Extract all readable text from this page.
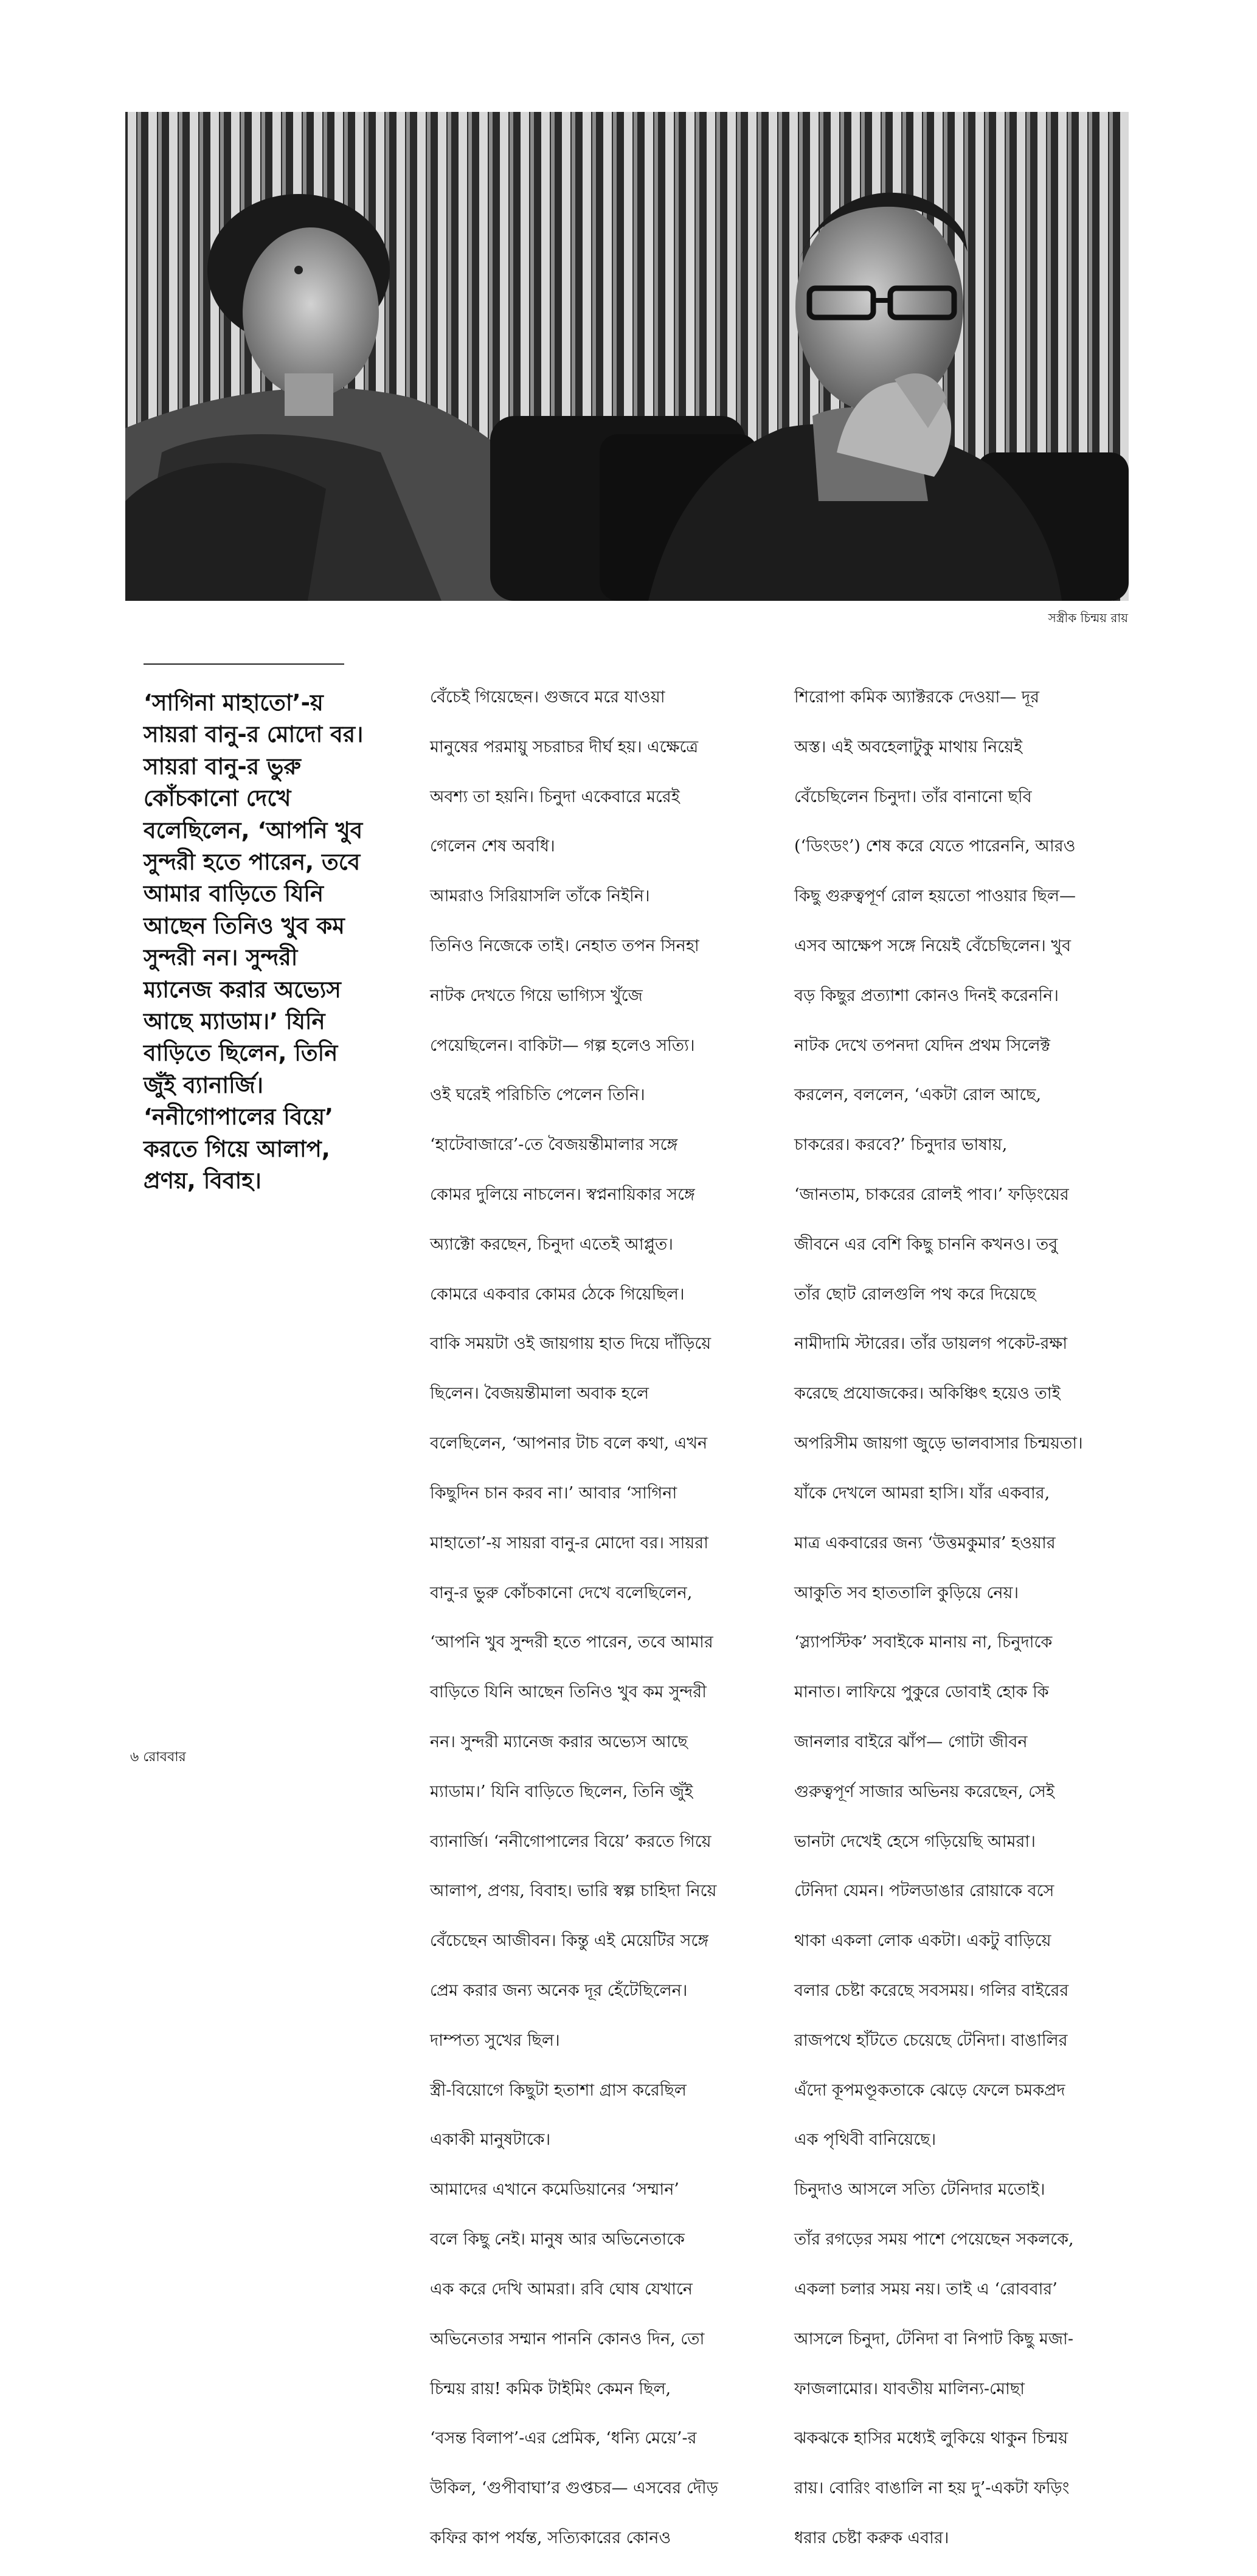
সস্ত্রীক চিন্ময় রায়
‘সাগিনা মাহাতো’-য়
সায়রা বানু-র মোদো বর।
সায়রা বানু-র ভুরু
কোঁচকানো দেখে
বলেছিলেন, ‘আপনি খুব
সুন্দরী হতে পারেন, তবে
আমার বাড়িতে যিনি
আছেন তিনিও খুব কম
সুন্দরী নন। সুন্দরী
ম্যানেজ করার অভ্যেস
আছে ম্যাডাম।’ যিনি
বাড়িতে ছিলেন, তিনি
জুঁই ব্যানার্জি।
‘ননীগোপালের বিয়ে’
করতে গিয়ে আলাপ,
প্রণয়, বিবাহ।

বেঁচেই গিয়েছেন। গুজবে মরে যাওয়া

মানুষের পরমায়ু সচরাচর দীর্ঘ হয়। এক্ষেত্রে

অবশ্য তা হয়নি। চিনুদা একেবারে মরেই

গেলেন শেষ অবধি।

আমরাও সিরিয়াসলি তাঁকে নিইনি।

তিনিও নিজেকে তাই। নেহাত তপন সিনহা

নাটক দেখতে গিয়ে ভাগ্যিস খুঁজে

পেয়েছিলেন। বাকিটা— গল্প হলেও সত্যি।

ওই ঘরেই পরিচিতি পেলেন তিনি।

‘হাটেবাজারে’-তে বৈজয়ন্তীমালার সঙ্গে

কোমর দুলিয়ে নাচলেন। স্বপ্ননায়িকার সঙ্গে

অ্যাক্টো করছেন, চিনুদা এতেই আপ্লুত।

কোমরে একবার কোমর ঠেকে গিয়েছিল।

বাকি সময়টা ওই জায়গায় হাত দিয়ে দাঁড়িয়ে

ছিলেন। বৈজয়ন্তীমালা অবাক হলে

বলেছিলেন, ‘আপনার টাচ বলে কথা, এখন

কিছুদিন চান করব না।’ আবার ‘সাগিনা

মাহাতো’-য় সায়রা বানু-র মোদো বর। সায়রা

বানু-র ভুরু কোঁচকানো দেখে বলেছিলেন,

‘আপনি খুব সুন্দরী হতে পারেন, তবে আমার

বাড়িতে যিনি আছেন তিনিও খুব কম সুন্দরী

নন। সুন্দরী ম্যানেজ করার অভ্যেস আছে

ম্যাডাম।’ যিনি বাড়িতে ছিলেন, তিনি জুঁই

ব্যানার্জি। ‘ননীগোপালের বিয়ে’ করতে গিয়ে

আলাপ, প্রণয়, বিবাহ। ভারি স্বল্প চাহিদা নিয়ে

বেঁচেছেন আজীবন। কিন্তু এই মেয়েটির সঙ্গে

প্রেম করার জন্য অনেক দূর হেঁটেছিলেন।

দাম্পত্য সুখের ছিল।

স্ত্রী-বিয়োগে কিছুটা হতাশা গ্রাস করেছিল

একাকী মানুষটাকে।

আমাদের এখানে কমেডিয়ানের ‘সম্মান’

বলে কিছু নেই। মানুষ আর অভিনেতাকে

এক করে দেখি আমরা। রবি ঘোষ যেখানে

অভিনেতার সম্মান পাননি কোনও দিন, তো

চিন্ময় রায়! কমিক টাইমিং কেমন ছিল,

‘বসন্ত বিলাপ’-এর প্রেমিক, ‘ধন্যি মেয়ে’-র

উকিল, ‘গুপীবাঘা’র গুপ্তচর— এসবের দৌড়

কফির কাপ পর্যন্ত, সত্যিকারের কোনও

শিরোপা কমিক অ্যাক্টরকে দেওয়া— দূর

অস্ত। এই অবহেলাটুকু মাথায় নিয়েই

বেঁচেছিলেন চিনুদা। তাঁর বানানো ছবি

(‘ডিংডং’) শেষ করে যেতে পারেননি, আরও

কিছু গুরুত্বপূর্ণ রোল হয়তো পাওয়ার ছিল—

এসব আক্ষেপ সঙ্গে নিয়েই বেঁচেছিলেন। খুব

বড় কিছুর প্রত্যাশা কোনও দিনই করেননি।

নাটক দেখে তপনদা যেদিন প্রথম সিলেক্ট

করলেন, বললেন, ‘একটা রোল আছে,

চাকরের। করবে?’ চিনুদার ভাষায়,

‘জানতাম, চাকরের রোলই পাব।’ ফড়িংয়ের

জীবনে এর বেশি কিছু চাননি কখনও। তবু

তাঁর ছোট রোলগুলি পথ করে দিয়েছে

নামীদামি স্টারের। তাঁর ডায়লগ পকেট-রক্ষা

করেছে প্রযোজকের। অকিঞ্চিৎ হয়েও তাই

অপরিসীম জায়গা জুড়ে ভালবাসার চিন্ময়তা।

যাঁকে দেখলে আমরা হাসি। যাঁর একবার,

মাত্র একবারের জন্য ‘উত্তমকুমার’ হওয়ার

আকুতি সব হাততালি কুড়িয়ে নেয়।

‘স্ল্যাপস্টিক’ সবাইকে মানায় না, চিনুদাকে

মানাত। লাফিয়ে পুকুরে ডোবাই হোক কি

জানলার বাইরে ঝাঁপ— গোটা জীবন

গুরুত্বপূর্ণ সাজার অভিনয় করেছেন, সেই

ভানটা দেখেই হেসে গড়িয়েছি আমরা।

টেনিদা যেমন। পটলডাঙার রোয়াকে বসে

থাকা একলা লোক একটা। একটু বাড়িয়ে

বলার চেষ্টা করেছে সবসময়। গলির বাইরের

রাজপথে হাঁটতে চেয়েছে টেনিদা। বাঙালির

এঁদো কূপমণ্ডূকতাকে ঝেড়ে ফেলে চমকপ্রদ

এক পৃথিবী বানিয়েছে।

চিনুদাও আসলে সত্যি টেনিদার মতোই।

তাঁর রগড়ের সময় পাশে পেয়েছেন সকলকে,

একলা চলার সময় নয়। তাই এ ‘রোববার’

আসলে চিনুদা, টেনিদা বা নিপাট কিছু মজা-

ফাজলামোর। যাবতীয় মালিন্য-মোছা

ঝকঝকে হাসির মধ্যেই লুকিয়ে থাকুন চিন্ময়

রায়। বোরিং বাঙালি না হয় দু’-একটা ফড়িং

ধরার চেষ্টা করুক এবার।

৬ রোববার
